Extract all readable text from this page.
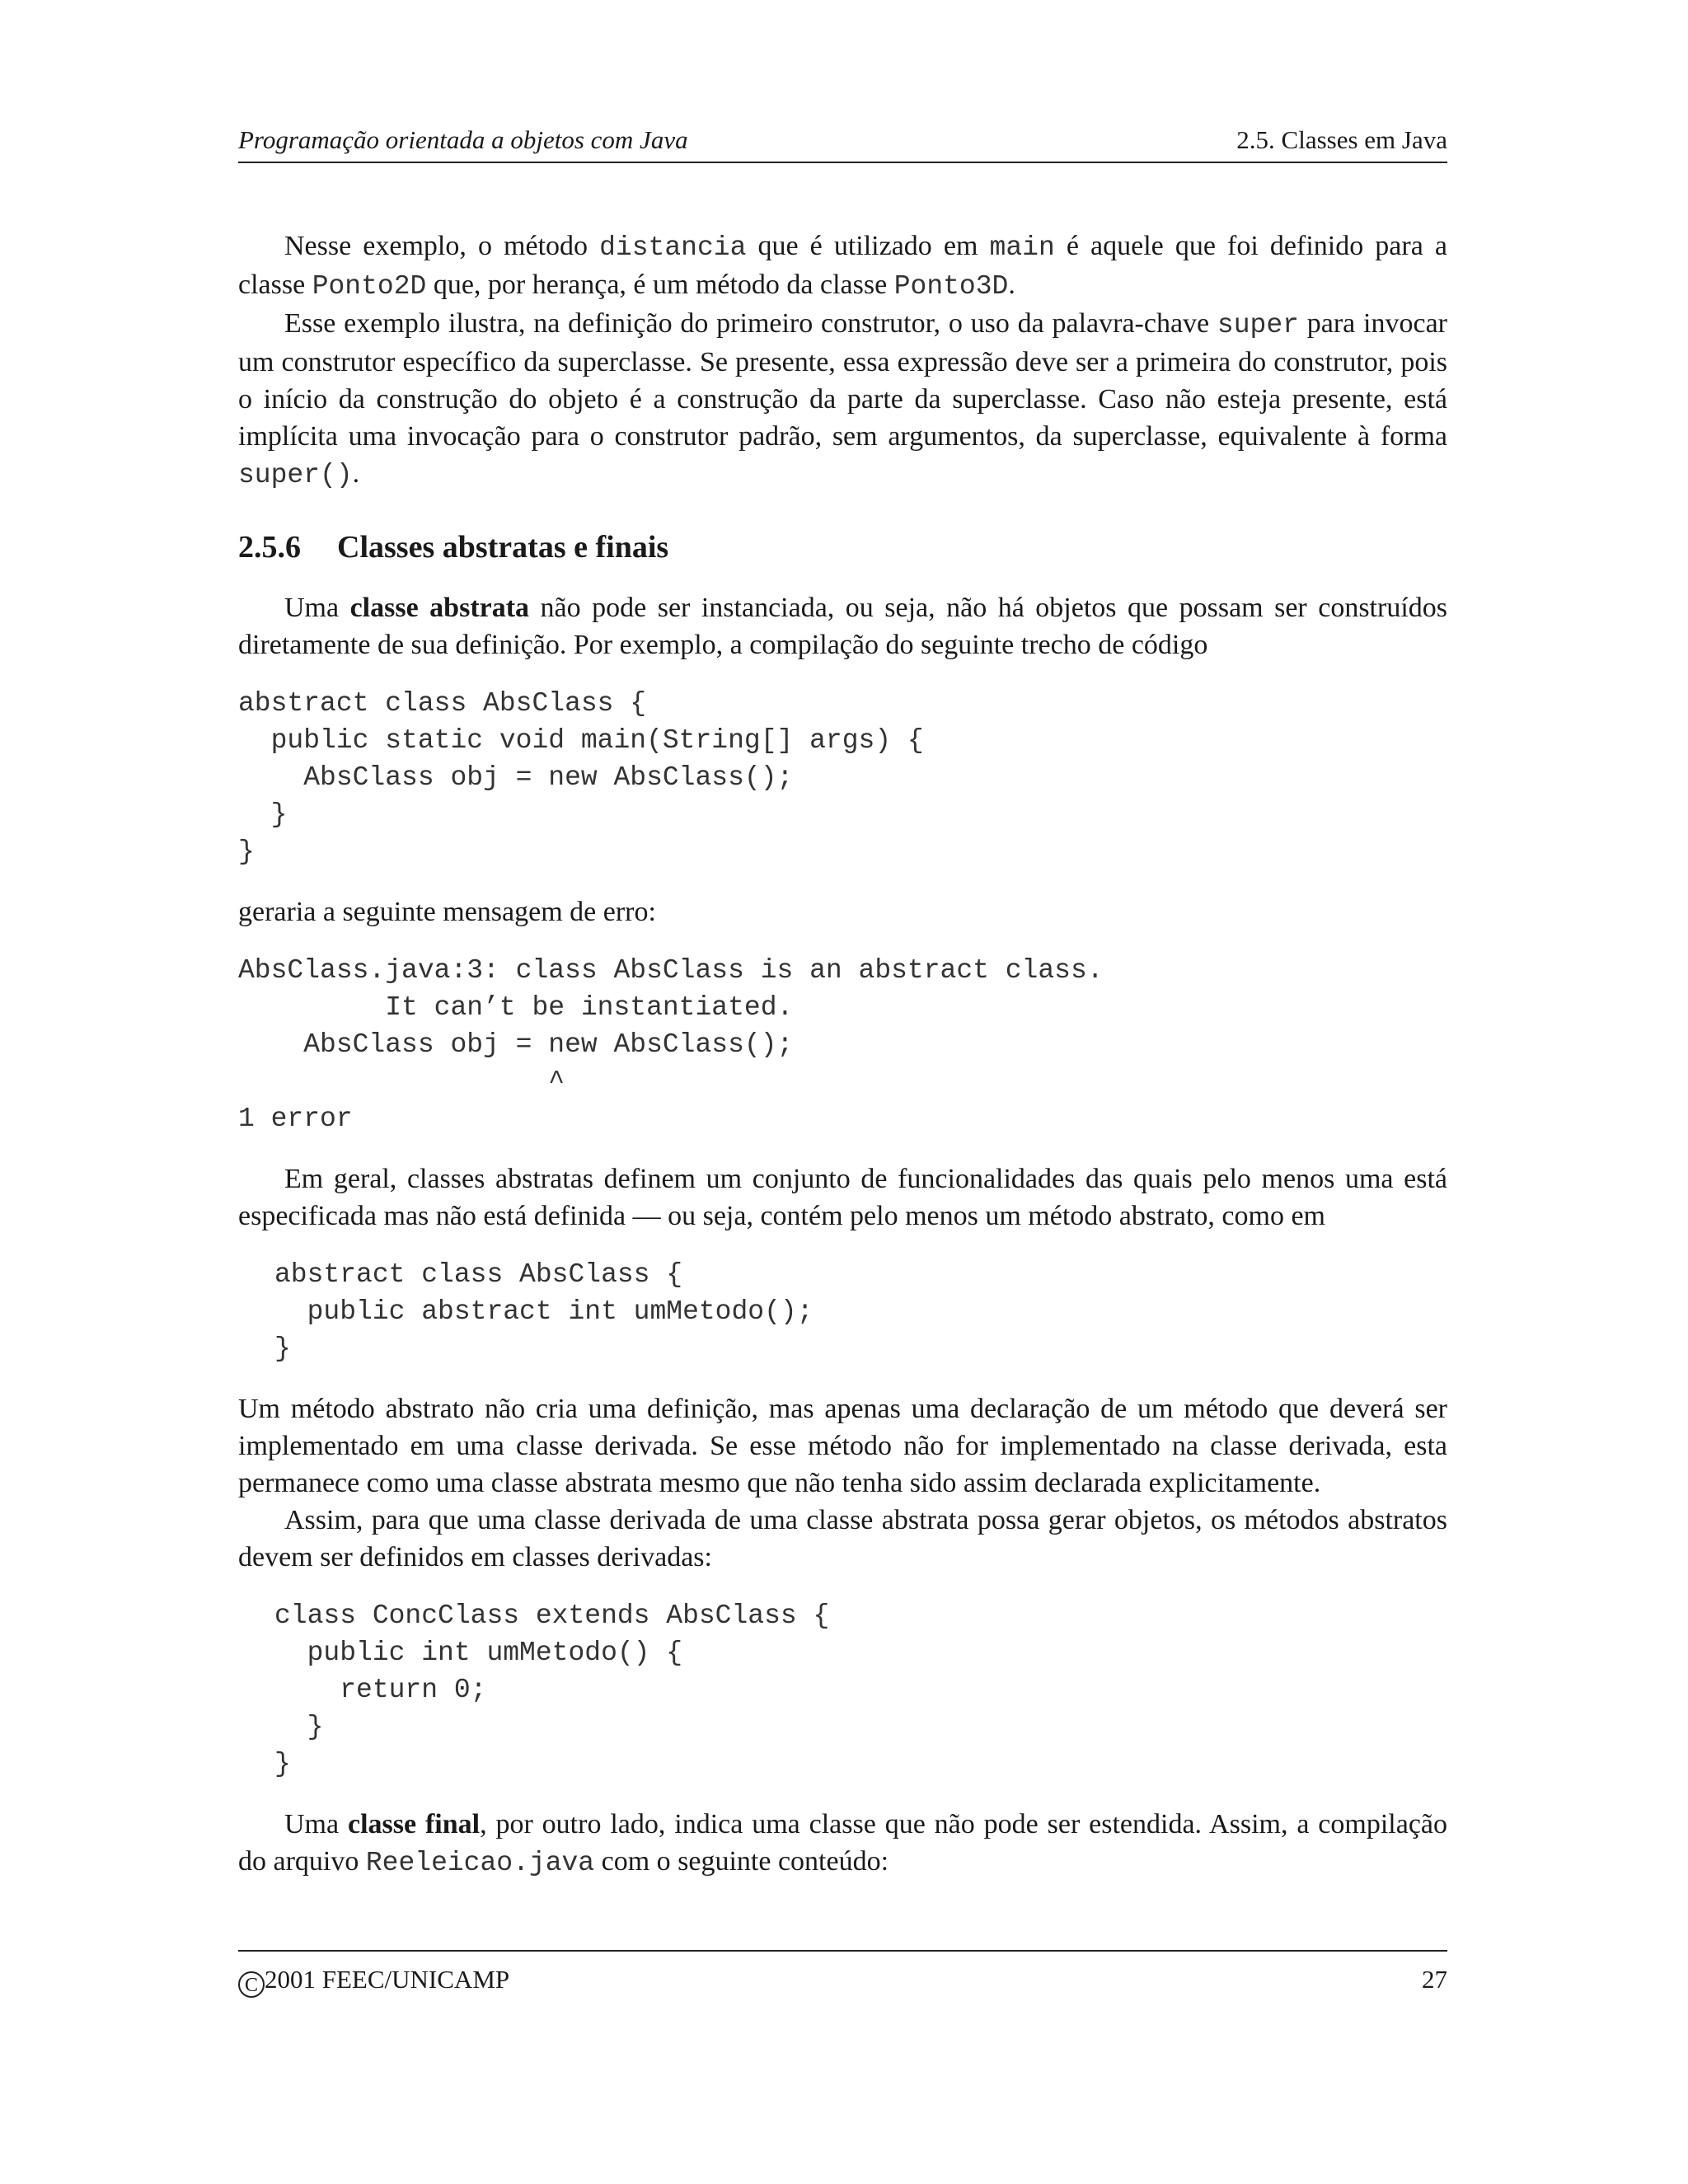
Programação orientada a objetos com Java	2.5. Classes em Java

Nesse exemplo, o método distancia que é utilizado em main é aquele que foi definido para a classe Ponto2D que, por herança, é um método da classe Ponto3D.

Esse exemplo ilustra, na definição do primeiro construtor, o uso da palavra-chave super para invocar um construtor específico da superclasse. Se presente, essa expressão deve ser a primeira do construtor, pois o início da construção do objeto é a construção da parte da superclasse. Caso não esteja presente, está implícita uma invocação para o construtor padrão, sem argumentos, da superclasse, equivalente à forma super().

2.5.6 Classes abstratas e finais

Uma classe abstrata não pode ser instanciada, ou seja, não há objetos que possam ser construídos diretamente de sua definição. Por exemplo, a compilação do seguinte trecho de código

abstract class AbsClass {
public static void main(String[] args) {
AbsClass obj = new AbsClass();
}
}

geraria a seguinte mensagem de erro:

AbsClass.java:3: class AbsClass is an abstract class.
It can’t be instantiated.
AbsClass obj = new AbsClass();
^
1 error

Em geral, classes abstratas definem um conjunto de funcionalidades das quais pelo menos uma está especificada mas não está definida — ou seja, contém pelo menos um método abstrato, como em

abstract class AbsClass {
public abstract int umMetodo();
}

Um método abstrato não cria uma definição, mas apenas uma declaração de um método que deverá ser implementado em uma classe derivada. Se esse método não for implementado na classe derivada, esta permanece como uma classe abstrata mesmo que não tenha sido assim declarada explicitamente.

Assim, para que uma classe derivada de uma classe abstrata possa gerar objetos, os métodos abstratos devem ser definidos em classes derivadas:

class ConcClass extends AbsClass {
public int umMetodo() {
return 0;
}
}

Uma classe final, por outro lado, indica uma classe que não pode ser estendida. Assim, a compilação do arquivo Reeleicao.java com o seguinte conteúdo:

C 2001 FEEC/UNICAMP	27
